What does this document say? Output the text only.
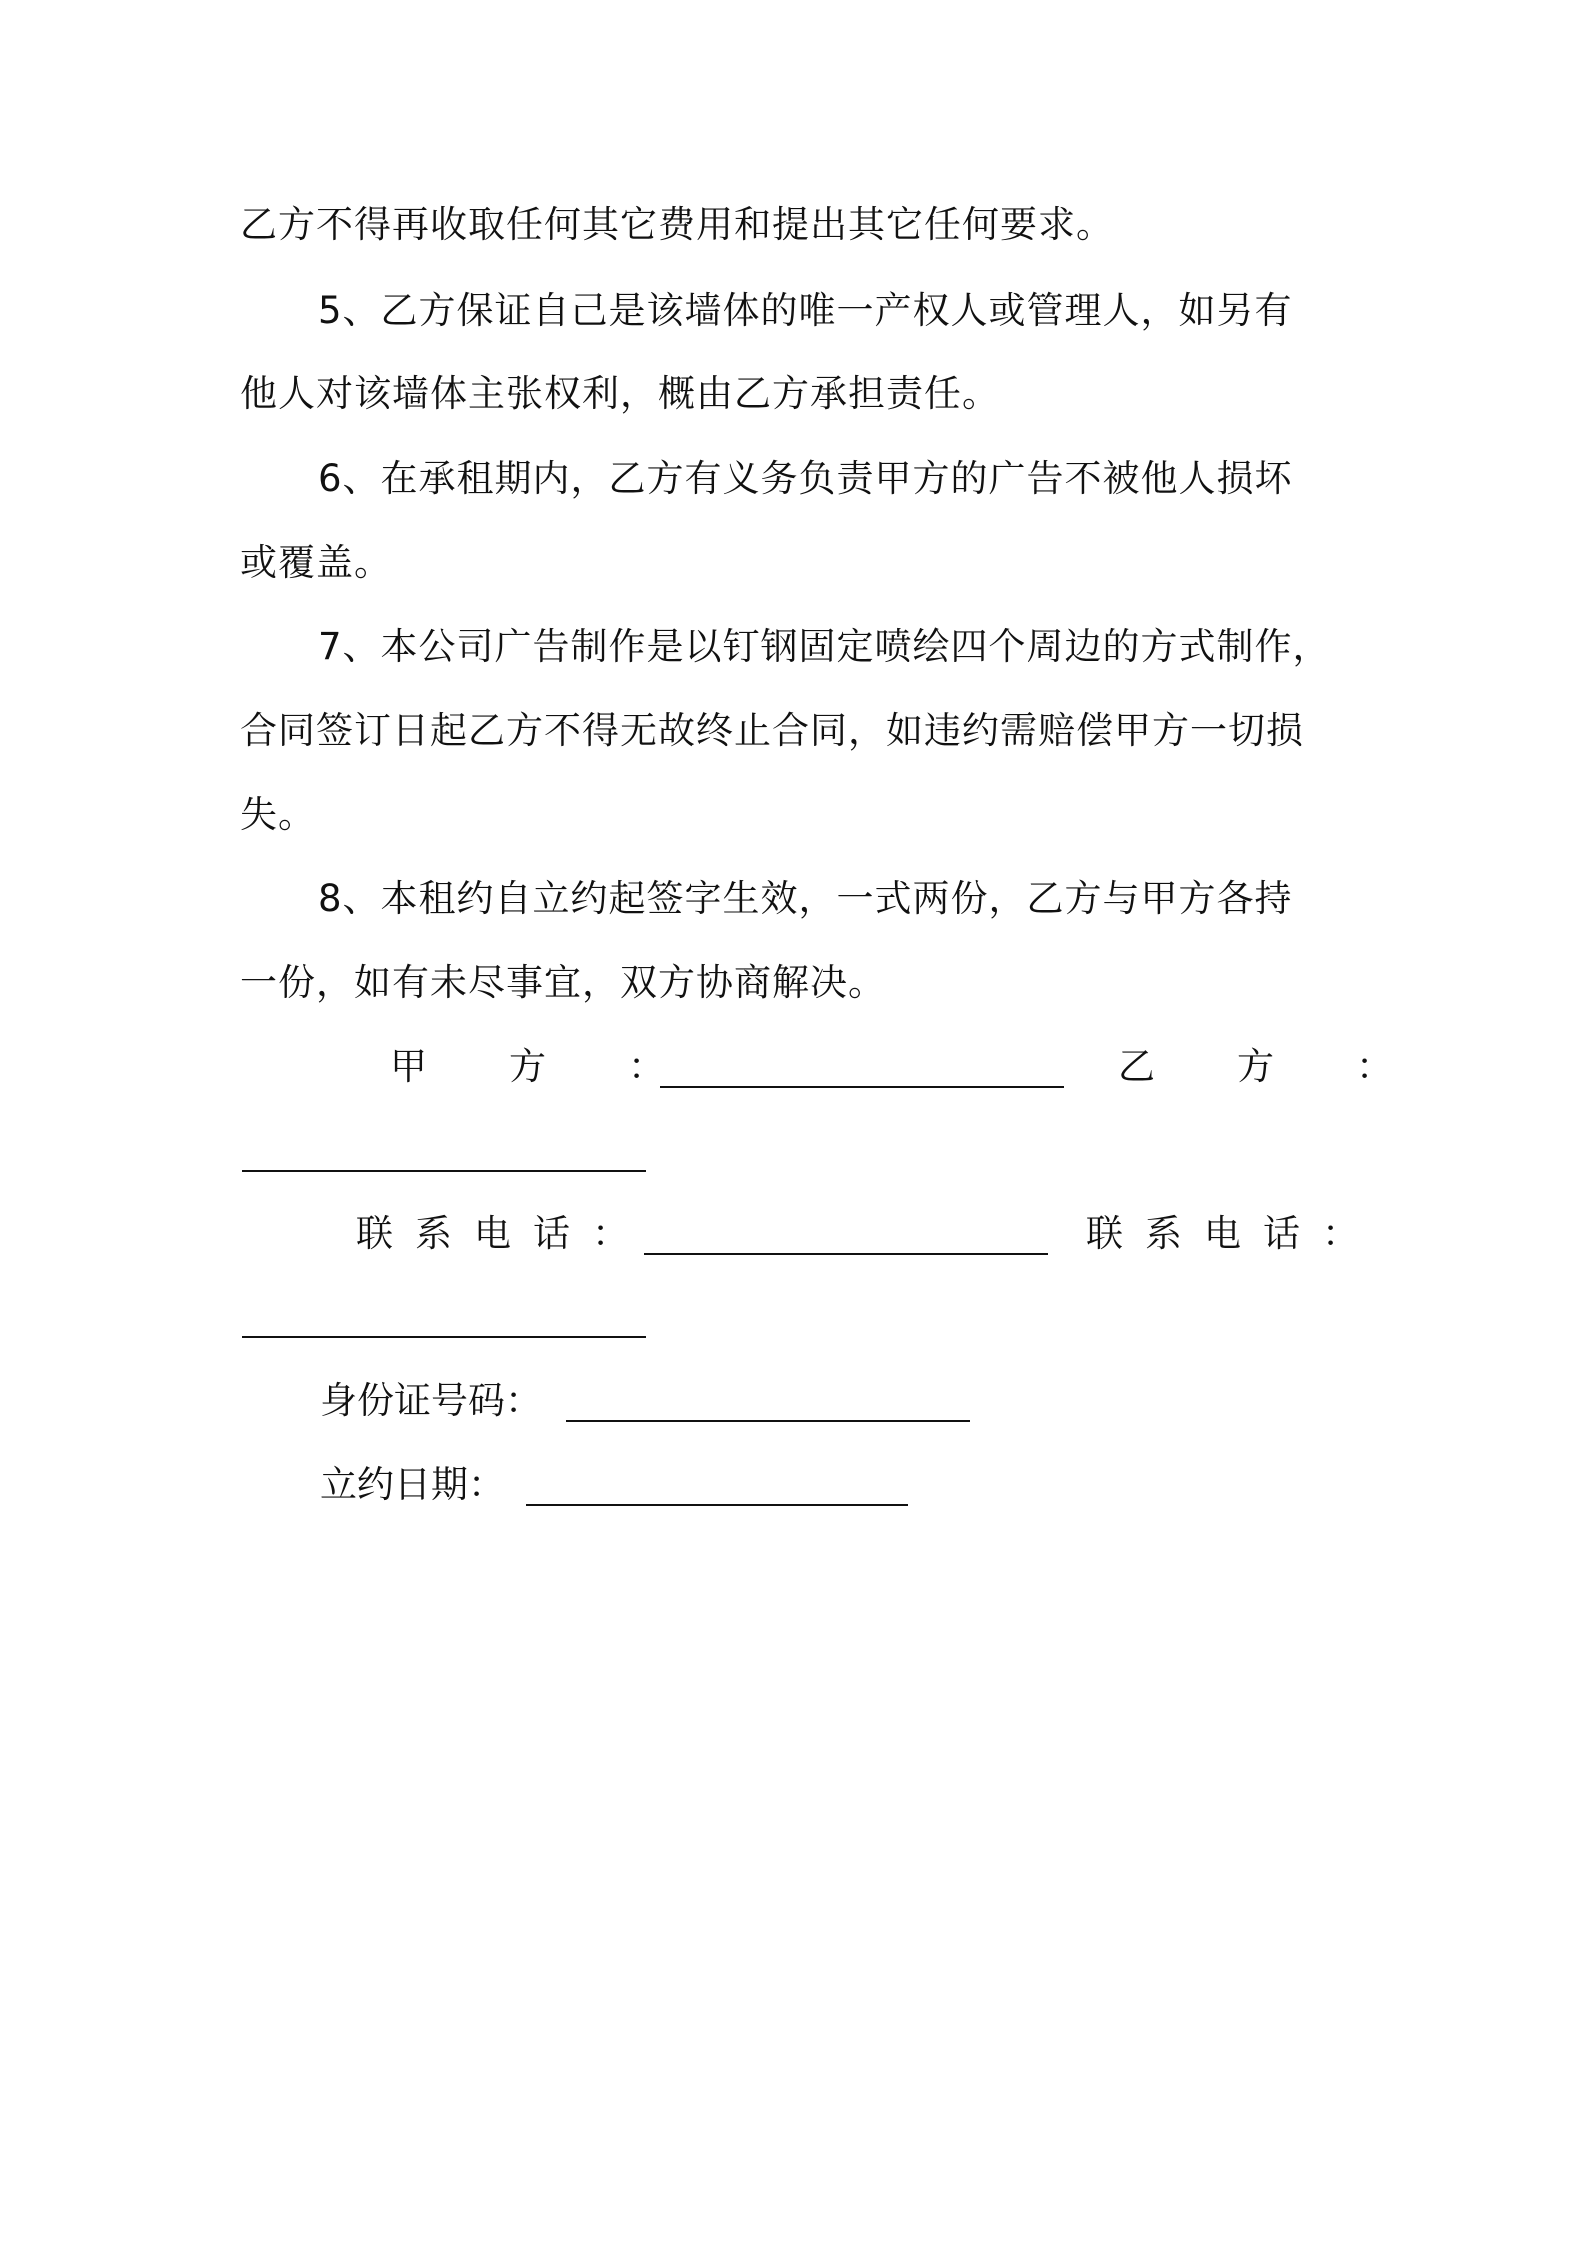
乙方不得再收取任何其它费用和提出其它任何要求。
5、乙方保证自己是该墙体的唯一产权人或管理人，如另有
他人对该墙体主张权利，概由乙方承担责任。
6、在承租期内，乙方有义务负责甲方的广告不被他人损坏
或覆盖。
7、本公司广告制作是以钉钢固定喷绘四个周边的方式制作，
合同签订日起乙方不得无故终止合同，如违约需赔偿甲方一切损
失。
8、本租约自立约起签字生效，一式两份，乙方与甲方各持
一份，如有未尽事宜，双方协商解决。
甲方：	乙方：
联系电话：	联系电话：
身份证号码：
立约日期：
